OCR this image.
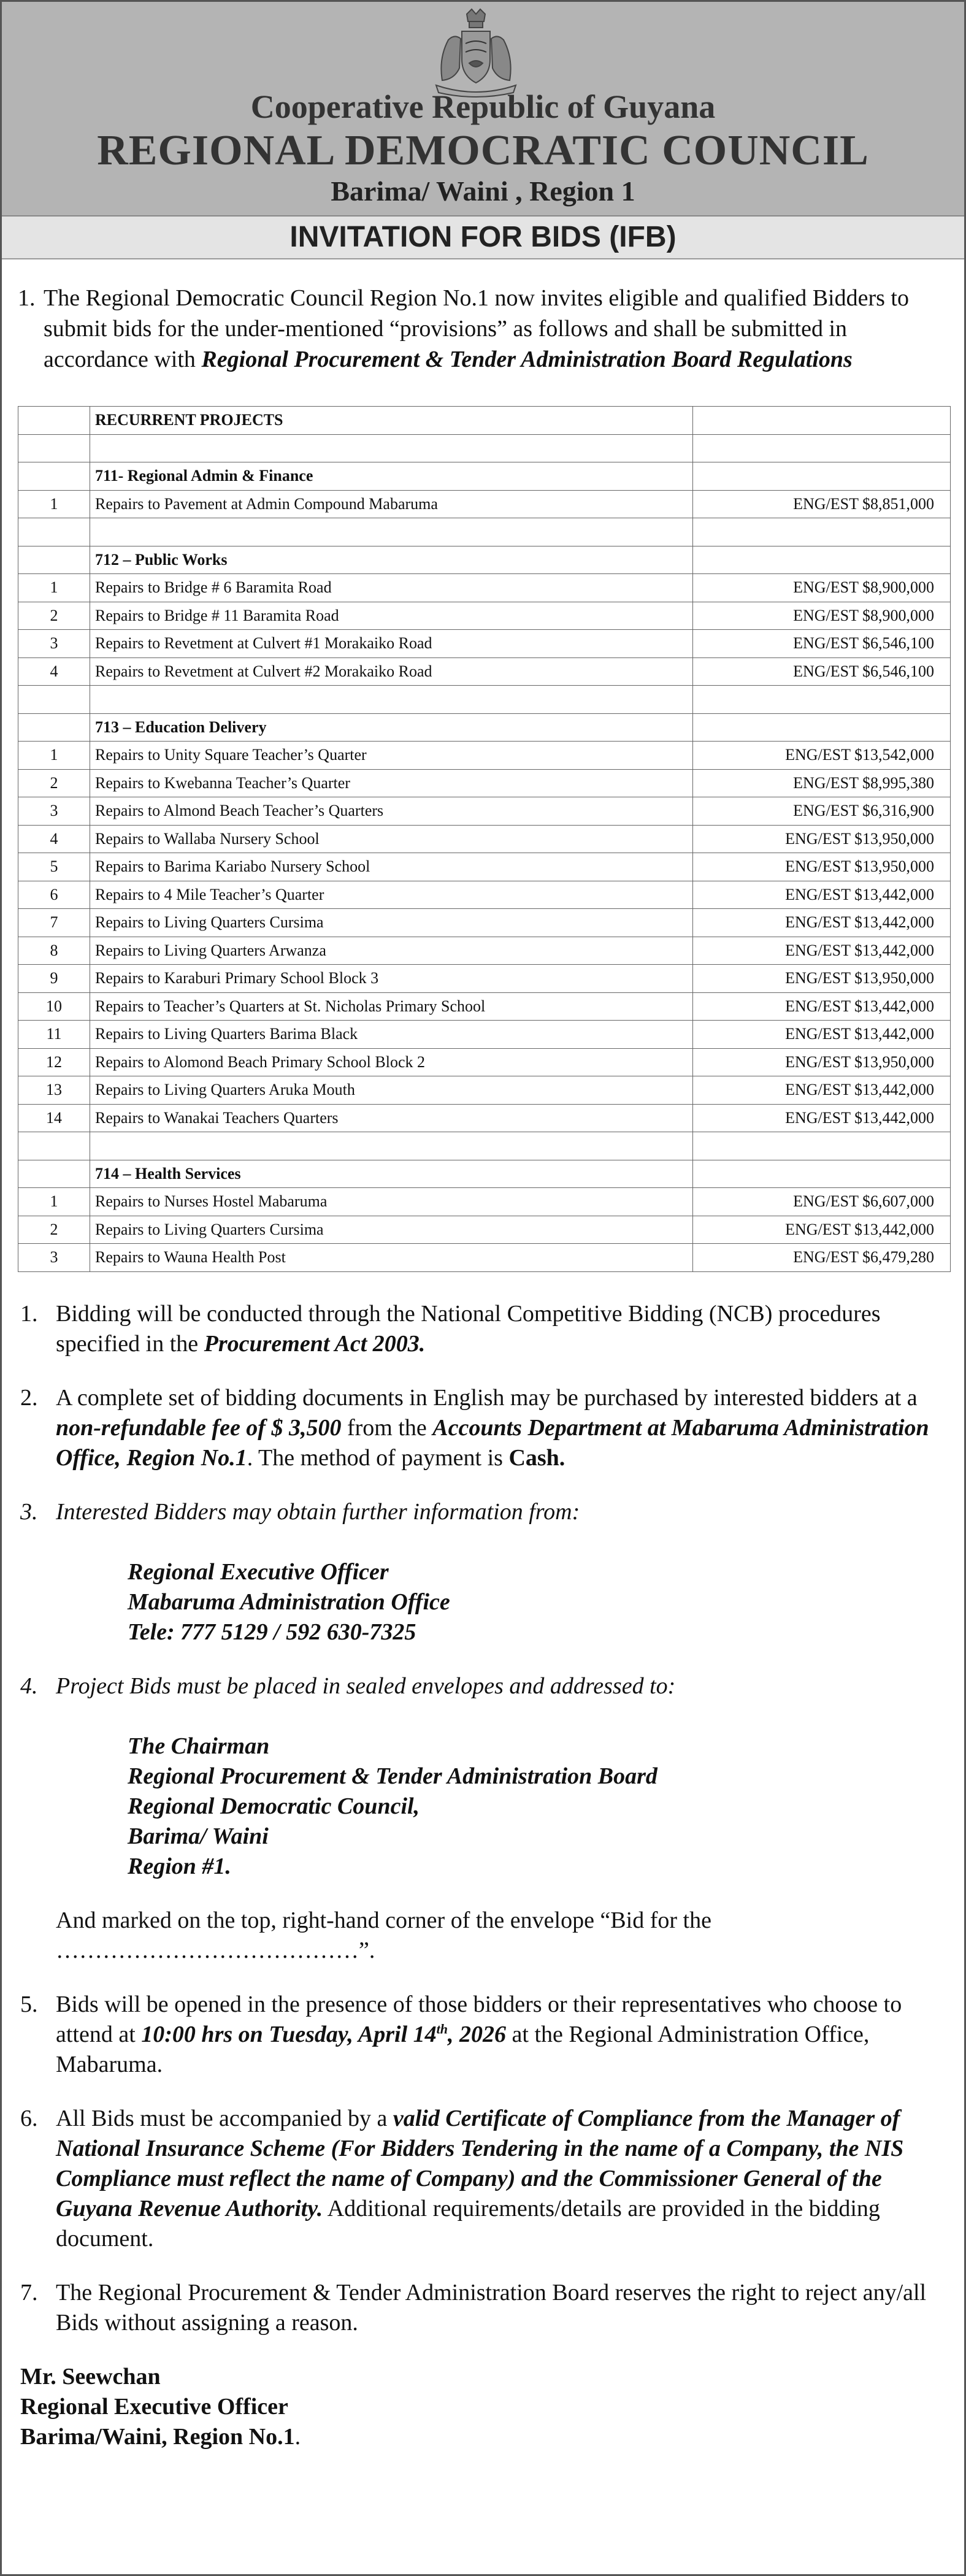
Cooperative Republic of Guyana
REGIONAL DEMOCRATIC COUNCIL
Barima/ Waini , Region 1
INVITATION FOR BIDS (IFB)
1. The Regional Democratic Council Region No.1 now invites eligible and qualified Bidders to submit bids for the under-mentioned “provisions” as follows and shall be submitted in accordance with Regional Procurement & Tender Administration Board Regulations
	RECURRENT PROJECTS	

	711- Regional Admin & Finance	
1	Repairs to Pavement at Admin Compound Mabaruma	ENG/EST $8,851,000

	712 – Public Works	
1	Repairs to Bridge # 6 Baramita Road	ENG/EST $8,900,000
2	Repairs to Bridge # 11 Baramita Road	ENG/EST $8,900,000
3	Repairs to Revetment at Culvert #1 Morakaiko Road	ENG/EST $6,546,100
4	Repairs to Revetment at Culvert #2 Morakaiko Road	ENG/EST $6,546,100

	713 – Education Delivery	
1	Repairs to Unity Square Teacher’s Quarter	ENG/EST $13,542,000
2	Repairs to Kwebanna Teacher’s Quarter	ENG/EST $8,995,380
3	Repairs to Almond Beach Teacher’s Quarters	ENG/EST $6,316,900
4	Repairs to Wallaba Nursery School	ENG/EST $13,950,000
5	Repairs to Barima Kariabo Nursery School	ENG/EST $13,950,000
6	Repairs to 4 Mile Teacher’s Quarter	ENG/EST $13,442,000
7	Repairs to Living Quarters Cursima	ENG/EST $13,442,000
8	Repairs to Living Quarters Arwanza	ENG/EST $13,442,000
9	Repairs to Karaburi Primary School Block 3	ENG/EST $13,950,000
10	Repairs to Teacher’s Quarters at St. Nicholas Primary School	ENG/EST $13,442,000
11	Repairs to Living Quarters Barima Black	ENG/EST $13,442,000
12	Repairs to Alomond Beach Primary School Block 2	ENG/EST $13,950,000
13	Repairs to Living Quarters Aruka Mouth	ENG/EST $13,442,000
14	Repairs to Wanakai Teachers Quarters	ENG/EST $13,442,000

	714 – Health Services	
1	Repairs to Nurses Hostel Mabaruma	ENG/EST $6,607,000
2	Repairs to Living Quarters Cursima	ENG/EST $13,442,000
3	Repairs to Wauna Health Post	ENG/EST $6,479,280
1. Bidding will be conducted through the National Competitive Bidding (NCB) procedures specified in the Procurement Act 2003.
2. A complete set of bidding documents in English may be purchased by interested bidders at a non-refundable fee of $ 3,500 from the Accounts Department at Mabaruma Administration Office, Region No.1. The method of payment is Cash.
3. Interested Bidders may obtain further information from:
Regional Executive Officer
Mabaruma Administration Office
Tele: 777 5129 / 592 630-7325
4. Project Bids must be placed in sealed envelopes and addressed to:
The Chairman
Regional Procurement & Tender Administration Board
Regional Democratic Council,
Barima/ Waini
Region #1.
And marked on the top, right-hand corner of the envelope “Bid for the …………………………………”.
5. Bids will be opened in the presence of those bidders or their representatives who choose to attend at 10:00 hrs on Tuesday, April 14th, 2026 at the Regional Administration Office, Mabaruma.
6. All Bids must be accompanied by a valid Certificate of Compliance from the Manager of National Insurance Scheme (For Bidders Tendering in the name of a Company, the NIS Compliance must reflect the name of Company) and the Commissioner General of the Guyana Revenue Authority. Additional requirements/details are provided in the bidding document.
7. The Regional Procurement & Tender Administration Board reserves the right to reject any/all Bids without assigning a reason.
Mr. Seewchan
Regional Executive Officer
Barima/Waini, Region No.1.
